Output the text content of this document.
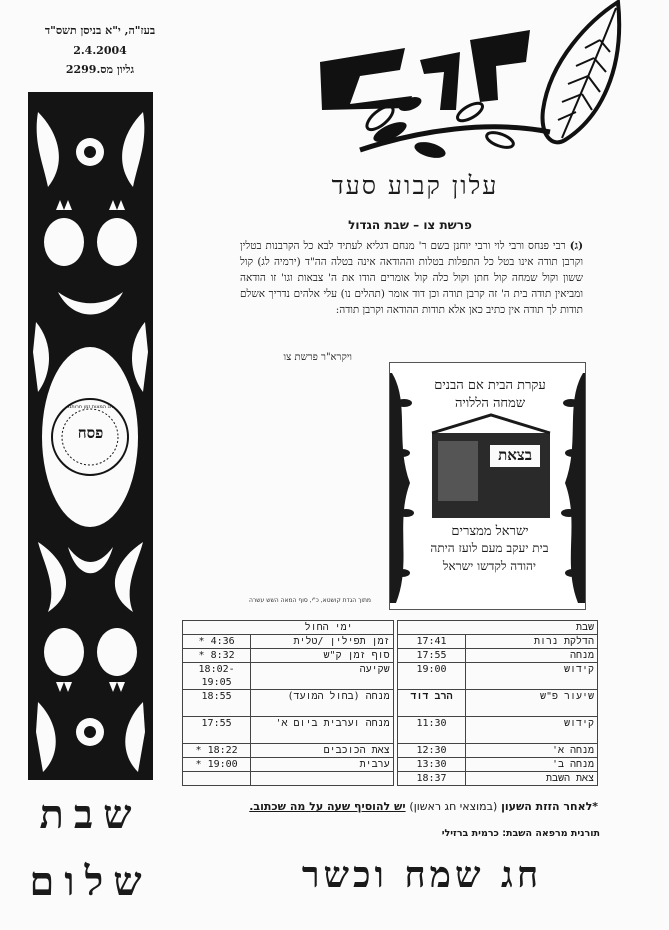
בעז"ה, י"א בניסן תשס"ד
2.4.2004
גליון מס.2299
פסח
חג המצות זמן חרותנו
עלון קבוע סעד
פרשת צו – שבת הגדול

(ג) רבי פנחס ורבי לוי ורבי יוחנן בשם ר' מנחם דגליא לעתיד לבא כל הקרבנות בטלין וקרבן תודה אינו בטל כל התפלות בטלות וההודאה אינה בטלה הה"ד (ירמיה לג) קול ששון וקול שמחה קול חתן וקול כלה קול אומרים הודו את ה' צבאות וגו' זו הודאה ומביאין תודה בית ה' זה קרבן תודה וכן דוד אומר (תהלים נו) עלי אלהים נדריך אשלם תודות לך תודה אין כתיב כאן אלא תודות ההודאה וקרבן תודה:

ויקרא"ר פרשת צו
עקרת הבית אם הבנים
שמחה הללויה
בצאת
ישראל ממצרים
בית יעקב מעם לועז היתה
יהודה לקדשו ישראל
מתוך הגדת קושטא, כ"י, סוף המאה השש עשרה
שבת			ימי החול	
הדלקת נרות	17:41		זמן תפילין /טלית	4:36 *
מנחה	17:55		סוף זמן ק"ש	8:32 *
קידוש	19:00		שקיעה	18:02-19:05
שיעור פ"ש	הרב דוד		מנחה (בחול המועד)	18:55
קידוש	11:30		מנחה וערבית ביום א'	17:55
מנחה א'	12:30		צאת הכוכבים	18:22 *
מנחה ב'	13:30		ערבית	19:00 *
צאת השבת	18:37			
*לאחר הזזת השעון (במוצאי חג ראשון) יש להוסיף שעה על מה שכתוב.
תורנית מרפאה השבת: כרמית ברזילי
שבת
שלום	חג שמח וכשר
